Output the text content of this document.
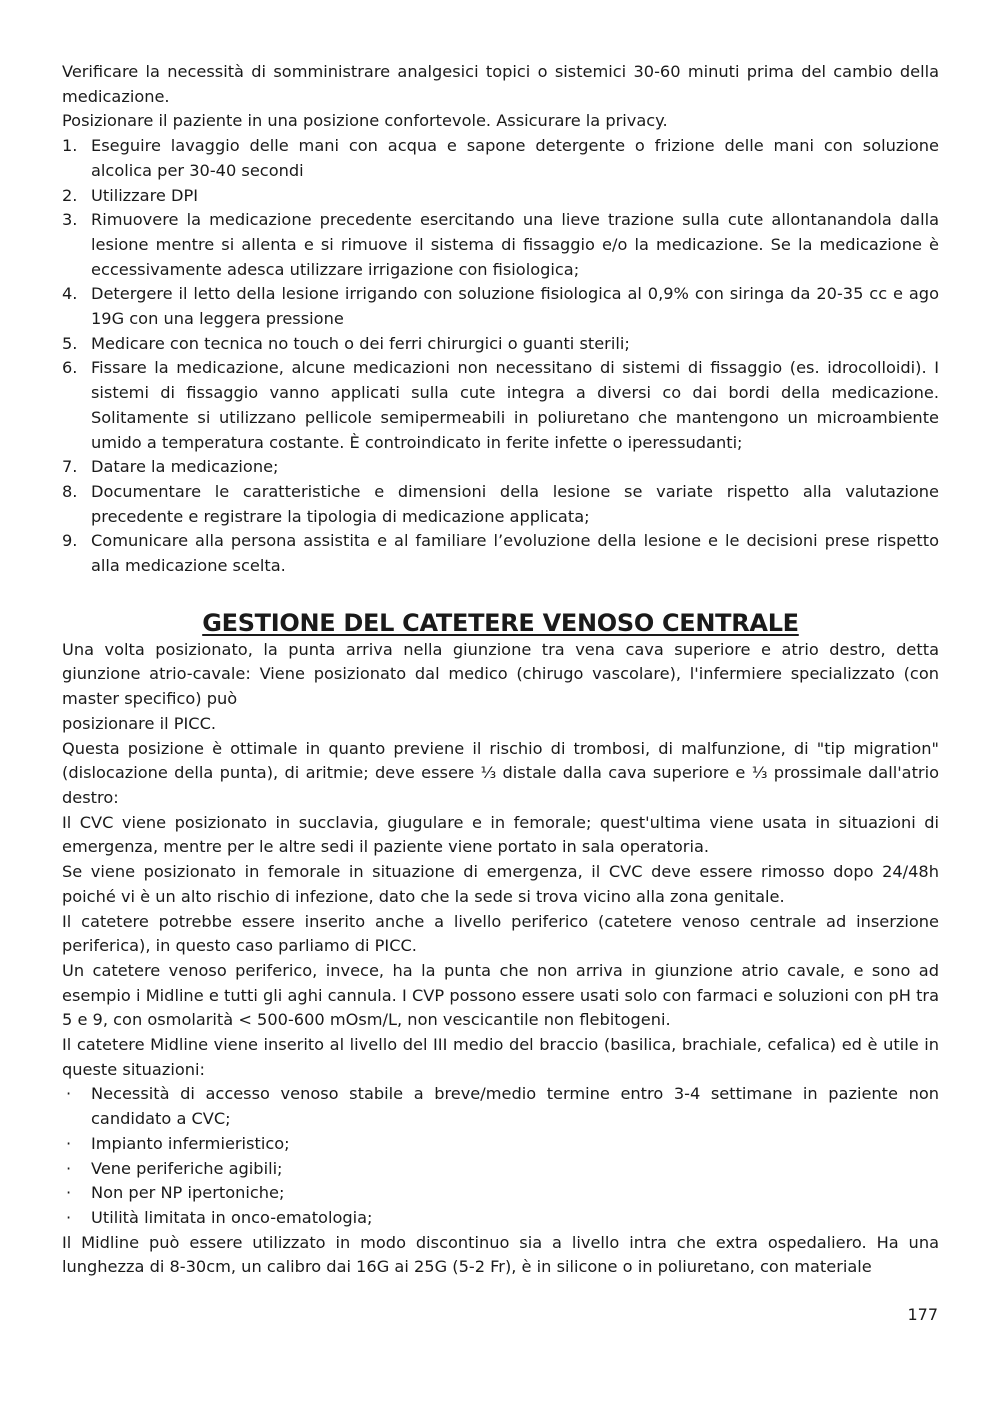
Verificare la necessità di somministrare analgesici topici o sistemici 30-60 minuti prima del cambio della medicazione.

Posizionare il paziente in una posizione confortevole. Assicurare la privacy.

1. Eseguire lavaggio delle mani con acqua e sapone detergente o frizione delle mani con soluzione alcolica per 30-40 secondi
2. Utilizzare DPI
3. Rimuovere la medicazione precedente esercitando una lieve trazione sulla cute allontanandola dalla lesione mentre si allenta e si rimuove il sistema di fissaggio e/o la medicazione. Se la medicazione è eccessivamente adesca utilizzare irrigazione con fisiologica;
4. Detergere il letto della lesione irrigando con soluzione fisiologica al 0,9% con siringa da 20-35 cc e ago 19G con una leggera pressione
5. Medicare con tecnica no touch o dei ferri chirurgici o guanti sterili;
6. Fissare la medicazione, alcune medicazioni non necessitano di sistemi di fissaggio (es. idrocolloidi). I sistemi di fissaggio vanno applicati sulla cute integra a diversi co dai bordi della medicazione. Solitamente si utilizzano pellicole semipermeabili in poliuretano che mantengono un microambiente umido a temperatura costante. È controindicato in ferite infette o iperessudanti;
7. Datare la medicazione;
8. Documentare le caratteristiche e dimensioni della lesione se variate rispetto alla valutazione precedente e registrare la tipologia di medicazione applicata;
9. Comunicare alla persona assistita e al familiare l’evoluzione della lesione e le decisioni prese rispetto alla medicazione scelta.
GESTIONE DEL CATETERE VENOSO CENTRALE

Una volta posizionato, la punta arriva nella giunzione tra vena cava superiore e atrio destro, detta giunzione atrio-cavale: Viene posizionato dal medico (chirugo vascolare), l'infermiere specializzato (con master specifico) può

posizionare il PICC.

Questa posizione è ottimale in quanto previene il rischio di trombosi, di malfunzione, di "tip migration" (dislocazione della punta), di aritmie; deve essere ⅓ distale dalla cava superiore e ⅓ prossimale dall'atrio destro:

Il CVC viene posizionato in succlavia, giugulare e in femorale; quest'ultima viene usata in situazioni di emergenza, mentre per le altre sedi il paziente viene portato in sala operatoria.

Se viene posizionato in femorale in situazione di emergenza, il CVC deve essere rimosso dopo 24/48h poiché vi è un alto rischio di infezione, dato che la sede si trova vicino alla zona genitale.

Il catetere potrebbe essere inserito anche a livello periferico (catetere venoso centrale ad inserzione periferica), in questo caso parliamo di PICC.

Un catetere venoso periferico, invece, ha la punta che non arriva in giunzione atrio cavale, e sono ad esempio i Midline e tutti gli aghi cannula. I CVP possono essere usati solo con farmaci e soluzioni con pH tra 5 e 9, con osmolarità < 500-600 mOsm/L, non vescicantile non flebitogeni.

Il catetere Midline viene inserito al livello del III medio del braccio (basilica, brachiale, cefalica) ed è utile in queste situazioni:

· Necessità di accesso venoso stabile a breve/medio termine entro 3-4 settimane in paziente non candidato a CVC;
· Impianto infermieristico;
· Vene periferiche agibili;
· Non per NP ipertoniche;
· Utilità limitata in onco-ematologia;

Il Midline può essere utilizzato in modo discontinuo sia a livello intra che extra ospedaliero. Ha una lunghezza di 8-30cm, un calibro dai 16G ai 25G (5-2 Fr), è in silicone o in poliuretano, con materiale

177
